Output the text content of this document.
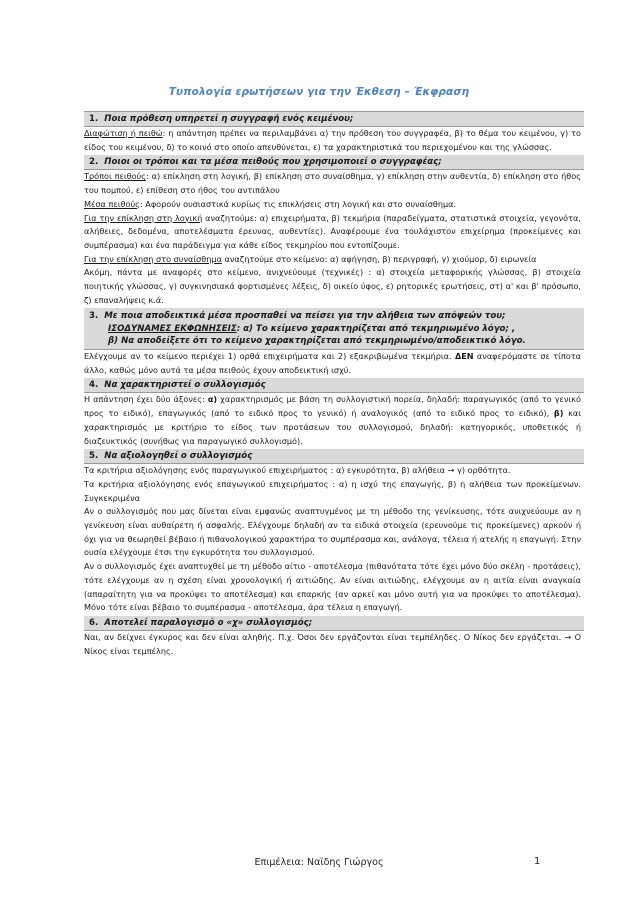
Τυπολογία ερωτήσεων για την Έκθεση – Έκφραση
1. Ποια πρόθεση υπηρετεί η συγγραφή ενός κειμένου;

Διαφώτιση ή πειθώ: η απάντηση πρέπει να περιλαμβάνει α) την πρόθεση του συγγραφέα, β) το θέμα του κειμένου, γ) το είδος του κειμένου, δ) το κοινό στο οποίο απευθύνεται, ε) τα χαρακτηριστικά του περιεχομένου και της γλώσσας.

2. Ποιοι οι τρόποι και τα μέσα πειθούς που χρησιμοποιεί ο συγγραφέας;

Τρόποι πειθούς: α) επίκληση στη λογική, β) επίκληση στο συναίσθημα, γ) επίκληση στην αυθεντία, δ) επίκληση στο ήθος του πομπού, ε) επίθεση στο ήθος του αντιπάλου

Μέσα πειθούς: Αφορούν ουσιαστικά κυρίως τις επικλήσεις στη λογική και στο συναίσθημα.

Για την επίκληση στη λογική αναζητούμε: α) επιχειρήματα, β) τεκμήρια (παραδείγματα, στατιστικά στοιχεία, γεγονότα, αλήθειες, δεδομένα, αποτελέσματα έρευνας, αυθεντίες). Αναφέρουμε ένα τουλάχιστον επιχείρημα (προκείμενες και συμπέρασμα) και ένα παράδειγμα για κάθε είδος τεκμηρίου που εντοπίζουμε.

Για την επίκληση στο συναίσθημα αναζητούμε στο κείμενο: α) αφήγηση, β) περιγραφή, γ) χιούμορ, δ) ειρωνεία

Ακόμη, πάντα με αναφορές στο κείμενο, ανιχνεύουμε (τεχνικές) : α) στοιχεία μεταφορικής γλώσσας, β) στοιχεία ποιητικής γλώσσας, γ) συγκινησιακά φορτισμένες λέξεις, δ) οικείο ύφος, ε) ρητορικές ερωτήσεις, στ) α' και β' πρόσωπο, ζ) επαναλήψεις κ.ά.

3. Με ποια αποδεικτικά μέσα προσπαθεί να πείσει για την αλήθεια των απόψεών του;
ΙΣΟΔΥΝΑΜΕΣ ΕΚΦΩΝΗΣΕΙΣ: α) Το κείμενο χαρακτηρίζεται από τεκμηριωμένο λόγο; ,
β) Να αποδείξετε ότι το κείμενο χαρακτηρίζεται από τεκμηριωμένο/αποδεικτικό λόγο.

Ελέγχουμε αν το κείμενο περιέχει 1) ορθά επιχειρήματα και 2) εξακριβωμένα τεκμήρια. ΔΕΝ αναφερόμαστε σε τίποτα άλλο, καθώς μόνο αυτά τα μέσα πειθούς έχουν αποδεικτική ισχύ.

4. Να χαρακτηριστεί ο συλλογισμός

Η απάντηση έχει δύο άξονες: α) χαρακτηρισμός με βάση τη συλλογιστική πορεία, δηλαδή: παραγωγικός (από το γενικό προς το ειδικό), επαγωγικός (από το ειδικό προς το γενικό) ή αναλογικός (από το ειδικό προς το ειδικό), β) και χαρακτηρισμός με κριτήριο το είδος των προτάσεων του συλλογισμού, δηλαδή: κατηγορικός, υποθετικός ή διαζευκτικός (συνήθως για παραγωγικό συλλογισμό).

5. Να αξιολογηθεί ο συλλογισμός

Τα κριτήρια αξιολόγησης ενός παραγωγικού επιχειρήματος : α) εγκυρότητα, β) αλήθεια → γ) ορθότητα.

Τα κριτήρια αξιολόγησης ενός επαγωγικού επιχειρήματος : α) η ισχύ της επαγωγής, β) η αλήθεια των προκείμενων. Συγκεκριμένα

Αν ο συλλογισμός που μας δίνεται είναι εμφανώς αναπτυγμένος με τη μέθοδο της γενίκευσης, τότε ανιχνεύουμε αν η γενίκευση είναι αυθαίρετη ή ασφαλής. Ελέγχουμε δηλαδή αν τα ειδικά στοιχεία (ερευνούμε τις προκείμενες) αρκούν ή όχι για να θεωρηθεί βέβαιο ή πιθανολογικού χαρακτήρα το συμπέρασμα και, ανάλογα, τέλεια ή ατελής η επαγωγή. Στην ουσία ελέγχουμε έτσι την εγκυρότητα του συλλογισμού.

Αν ο συλλογισμός έχει αναπτυχθεί με τη μέθοδο αίτιο - αποτέλεσμα (πιθανότατα τότε έχει μόνο δύο σκέλη - προτάσεις), τότε ελέγχουμε αν η σχέση είναι χρονολογική ή αιτιώδης. Αν είναι αιτιώδης, ελέγχουμε αν η αιτία είναι αναγκαία (απαραίτητη για να προκύψει το αποτέλεσμα) και επαρκής (αν αρκεί και μόνο αυτή για να προκύψει το αποτέλεσμα). Μόνο τότε είναι βέβαιο το συμπέρασμα - αποτέλεσμα, άρα τέλεια η επαγωγή.

6. Αποτελεί παραλογισμό ο «χ» συλλογισμός;

Ναι, αν δείχνει έγκυρος και δεν είναι αληθής. Π.χ. Όσοι δεν εργάζονται είναι τεμπέληδες. Ο Νίκος δεν εργάζεται. → Ο Νίκος είναι τεμπέλης.

Επιμέλεια: Ναϊδης Γιώργος	1
